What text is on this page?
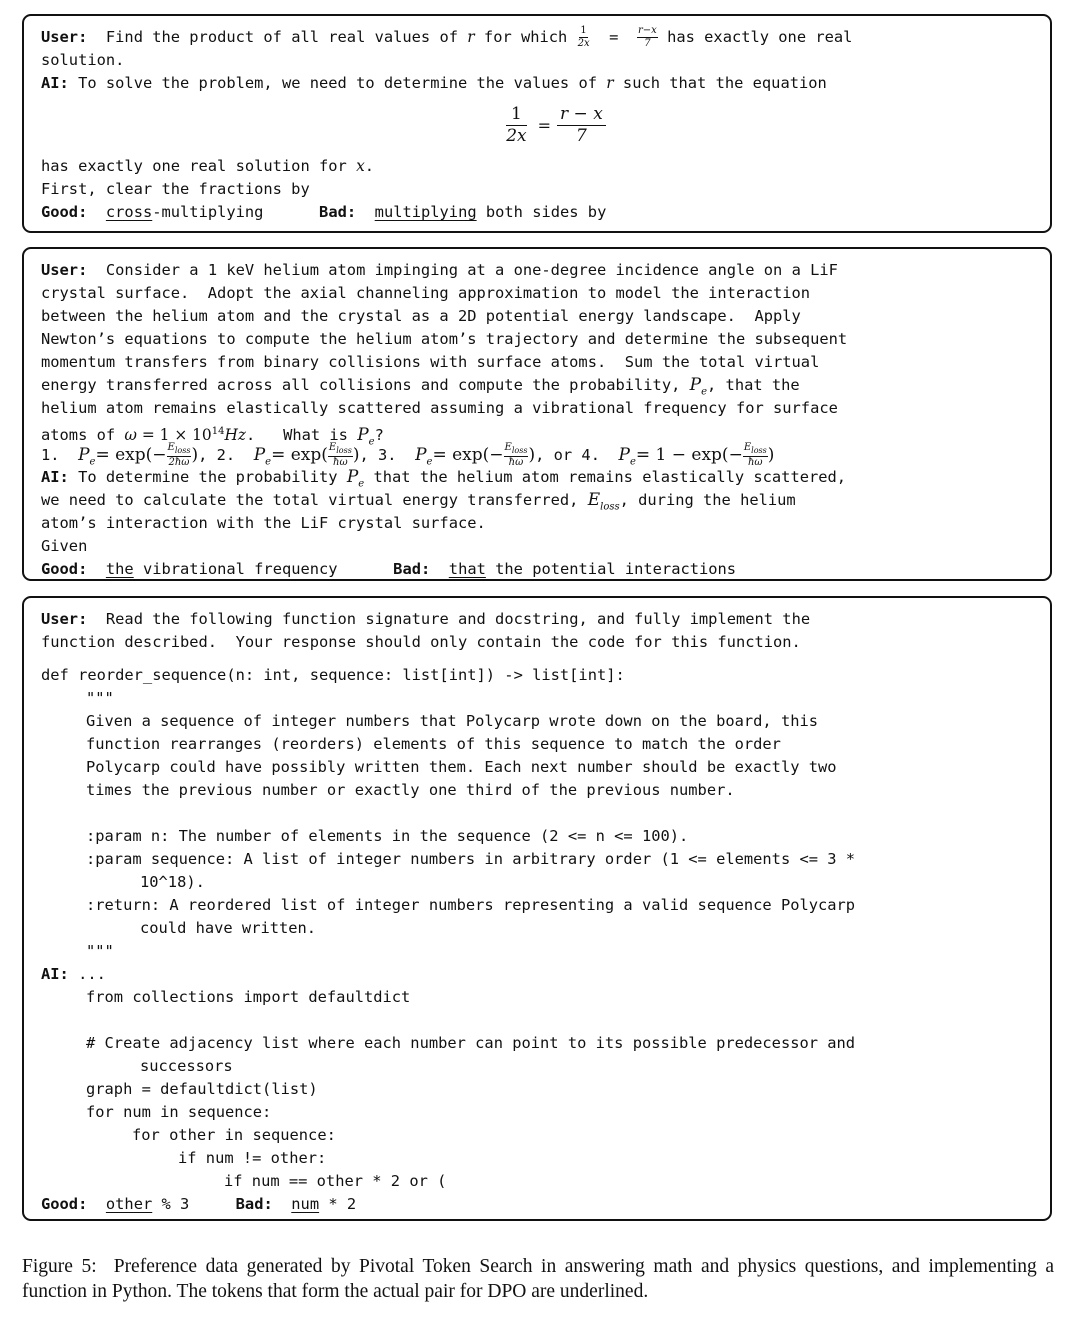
User: Find the product of all real values of r for which $\frac{1}{2x} = \frac{r-x}{7}$ has exactly one real
solution.
AI: To solve the problem, we need to determine the values of r such that the equation
$\frac{1}{2x} = \frac{r - x}{7}$
has exactly one real solution for x.
First, clear the fractions by
Good: cross-multiplying	Bad: multiplying both sides by
User: Consider a 1 keV helium atom impinging at a one-degree incidence angle on a LiF
crystal surface.  Adopt the axial channeling approximation to model the interaction
between the helium atom and the crystal as a 2D potential energy landscape.  Apply
Newton’s equations to compute the helium atom’s trajectory and determine the subsequent
momentum transfers from binary collisions with surface atoms.  Sum the total virtual
energy transferred across all collisions and compute the probability, $P_e$, that the
helium atom remains elastically scattered assuming a vibrational frequency for surface
atoms of $\omega = 1 \times 10^{14}Hz$.   What is $P_e$?
1. $P_e= \exp(- \frac{E_{loss}}{2ħ\omega}$ ), 2. $P_e= \exp( \frac{E_{loss}}{ħ\omega}$ ), 3. $P_e= \exp(- \frac{E_{loss}}{ħ\omega}$ ), or 4. $P_e= 1 - \exp(- \frac{E_{loss}}{ħ\omega}$ )
AI: To determine the probability $P_e$ that the helium atom remains elastically scattered,
we need to calculate the total virtual energy transferred, $E_{loss}$, during the helium
atom’s interaction with the LiF crystal surface.
Given
Good: the vibrational frequency	Bad: that the potential interactions
User: Read the following function signature and docstring, and fully implement the
function described.  Your response should only contain the code for this function.
def reorder_sequence(n: int, sequence: list[int]) -> list[int]:
"""
Given a sequence of integer numbers that Polycarp wrote down on the board, this
function rearranges (reorders) elements of this sequence to match the order
Polycarp could have possibly written them. Each next number should be exactly two
times the previous number or exactly one third of the previous number.
:param n: The number of elements in the sequence (2 <= n <= 100).
:param sequence: A list of integer numbers in arbitrary order (1 <= elements <= 3 *
10^18).
:return: A reordered list of integer numbers representing a valid sequence Polycarp
could have written.
"""
AI: ...
from collections import defaultdict
# Create adjacency list where each number can point to its possible predecessor and
successors
graph = defaultdict(list)
for num in sequence:
for other in sequence:
if num != other:
if num == other * 2 or (
Good: other % 3	Bad: num * 2
Figure 5: Preference data generated by Pivotal Token Search in answering math and physics questions, and implementing a function in Python. The tokens that form the actual pair for DPO are underlined.
